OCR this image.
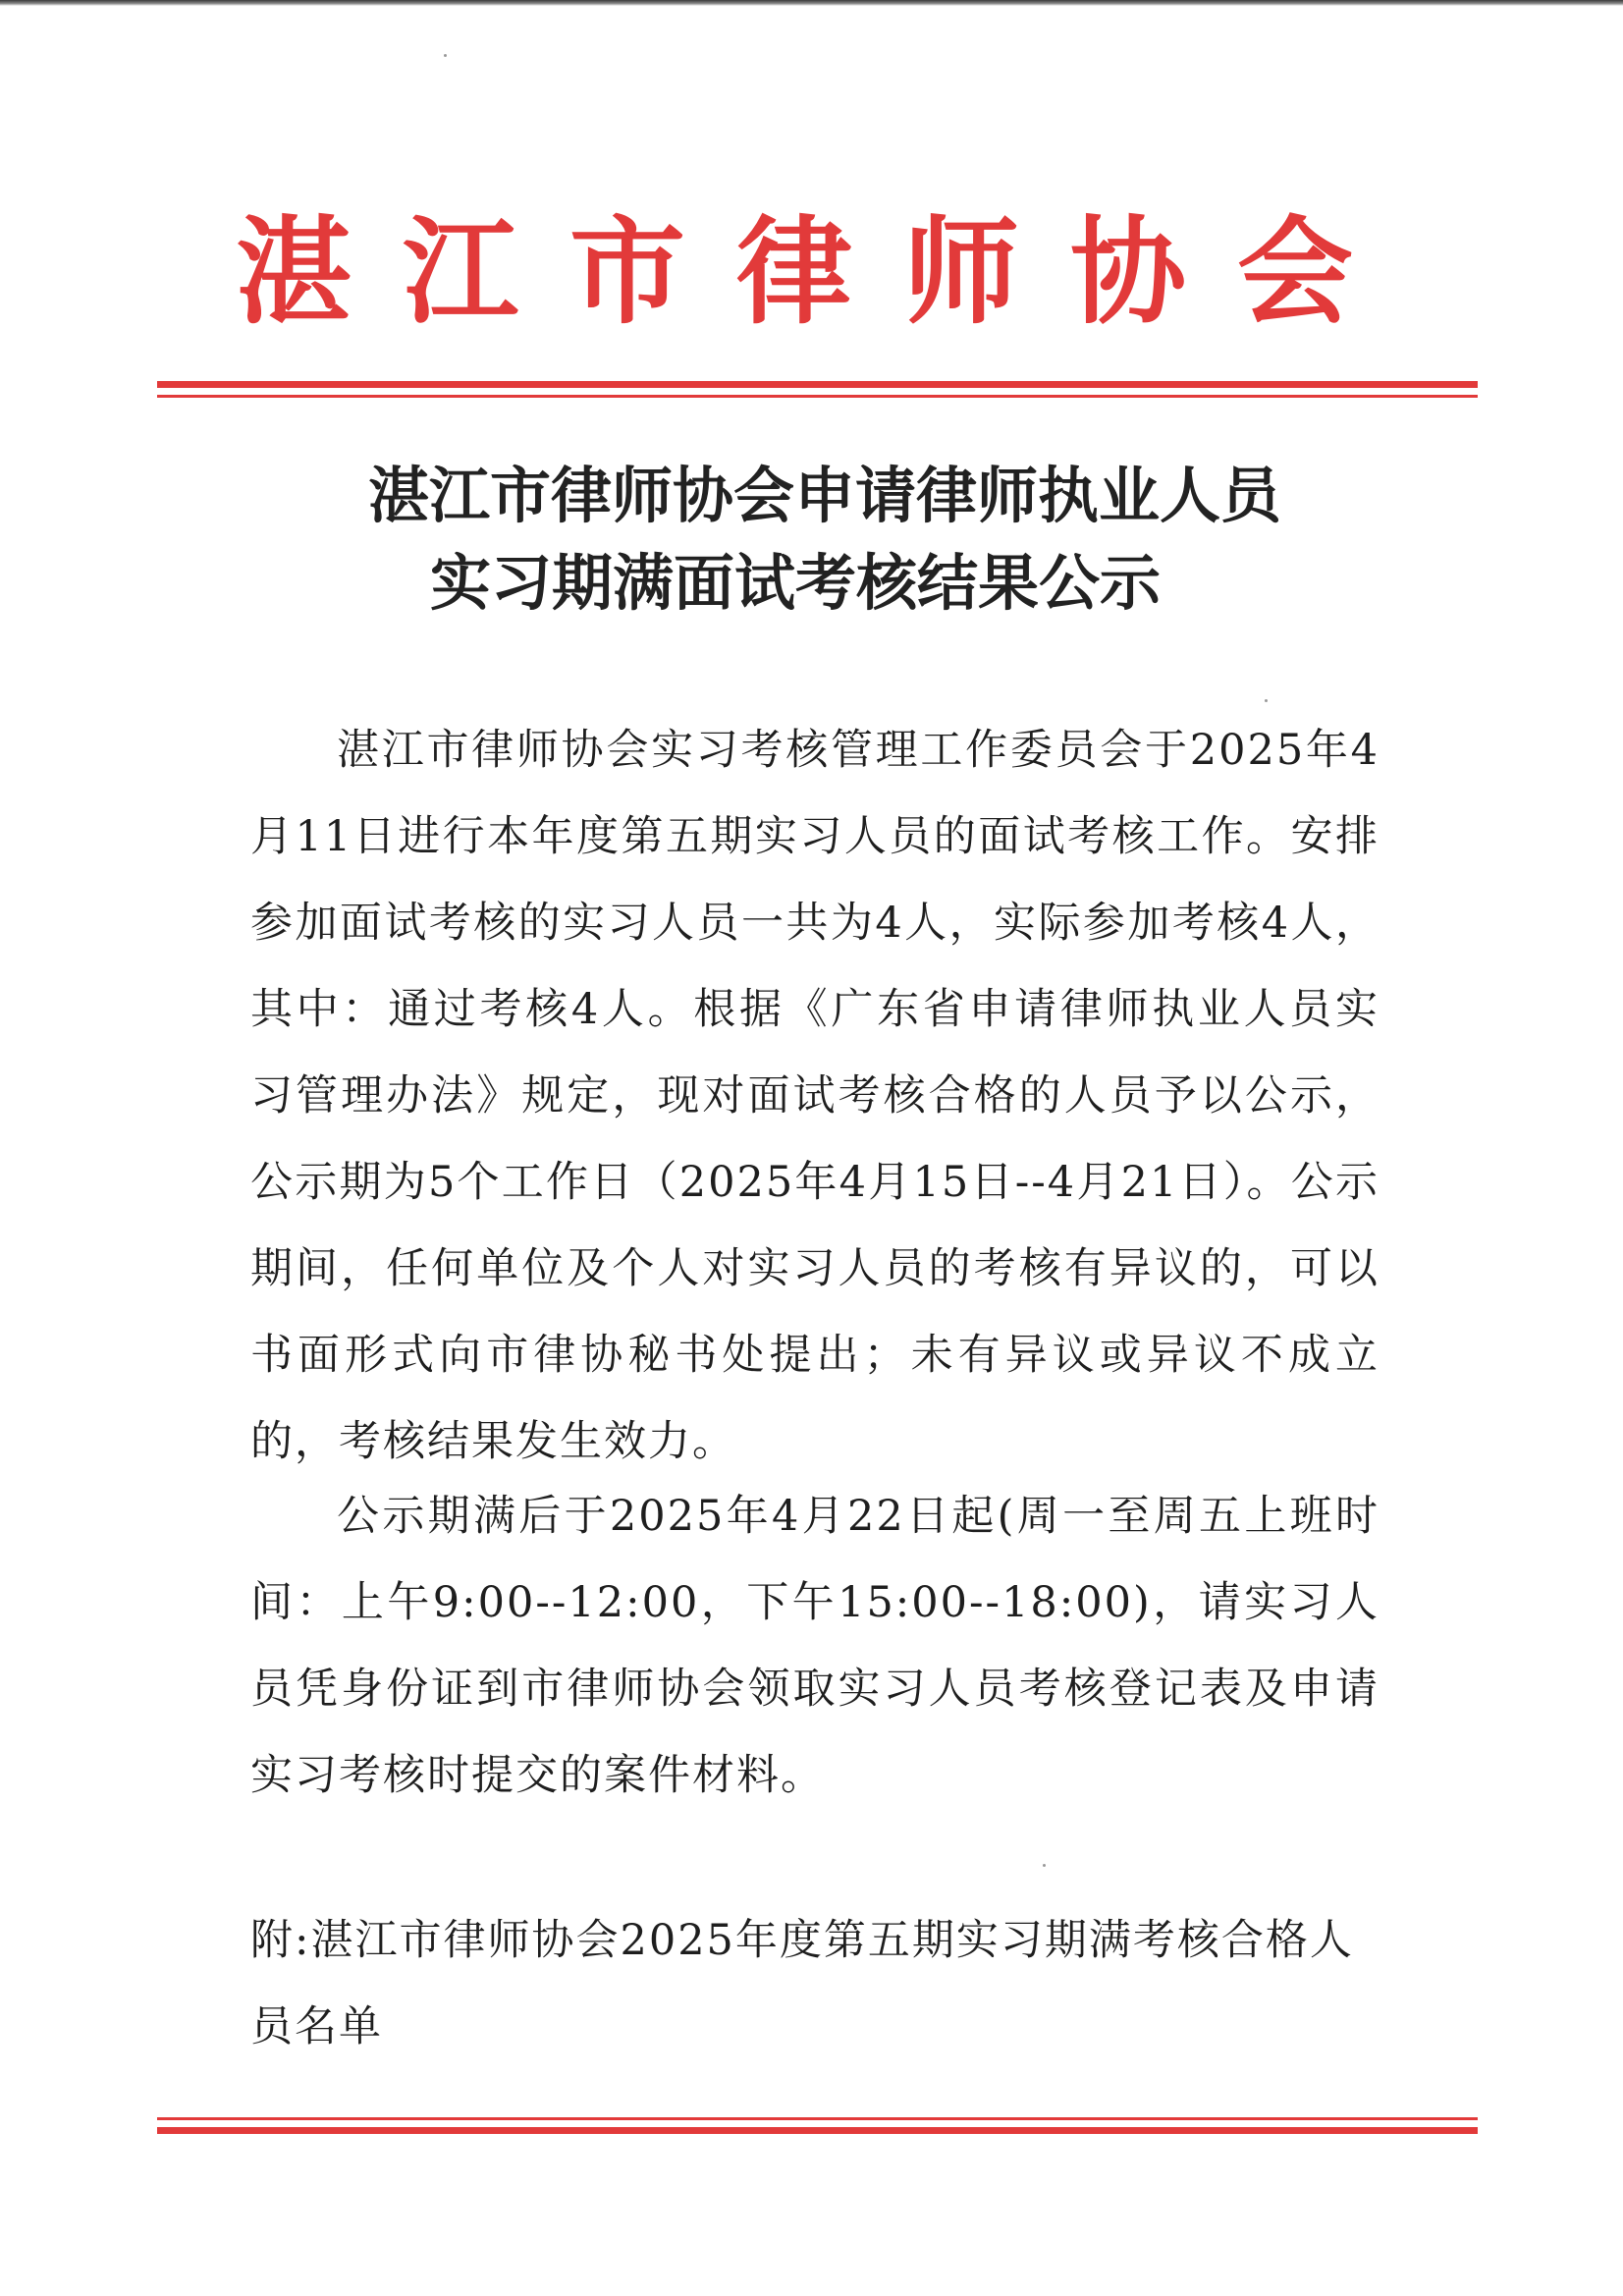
湛江市律师协会
湛江市律师协会申请律师执业人员
实习期满面试考核结果公示
湛江市律师协会实习考核管理工作委员会于2025年4月11日进行本年度第五期实习人员的面试考核工作。安排参加面试考核的实习人员一共为4人，实际参加考核4人，其中：通过考核4人。根据《广东省申请律师执业人员实习管理办法》规定，现对面试考核合格的人员予以公示，公示期为5个工作日（2025年4月15日--4月21日）。公示期间，任何单位及个人对实习人员的考核有异议的，可以书面形式向市律协秘书处提出；未有异议或异议不成立的，考核结果发生效力。
公示期满后于2025年4月22日起(周一至周五上班时间：上午9:00--12:00，下午15:00--18:00)，请实习人员凭身份证到市律师协会领取实习人员考核登记表及申请实习考核时提交的案件材料。
附:湛江市律师协会2025年度第五期实习期满考核合格人员名单
